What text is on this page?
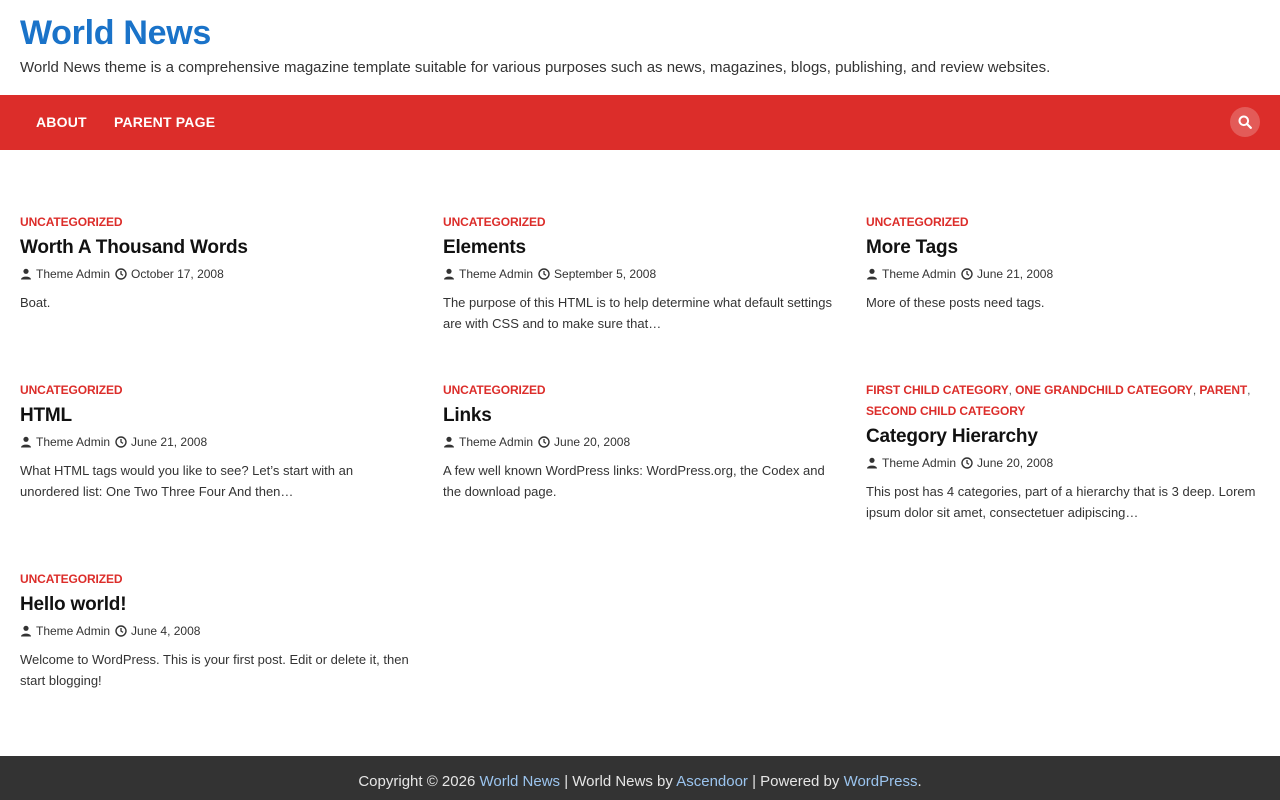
World News

World News theme is a comprehensive magazine template suitable for various purposes such as news, magazines, blogs, publishing, and review websites.

ABOUT PARENT PAGE
UNCATEGORIZED
Worth A Thousand Words
Theme Admin October 17, 2008

Boat.

UNCATEGORIZED
Elements
Theme Admin September 5, 2008

The purpose of this HTML is to help determine what default settings are with CSS and to make sure that…

UNCATEGORIZED
More Tags
Theme Admin June 21, 2008

More of these posts need tags.

UNCATEGORIZED
HTML
Theme Admin June 21, 2008

What HTML tags would you like to see? Let’s start with an unordered list: One Two Three Four And then…

UNCATEGORIZED
Links
Theme Admin June 20, 2008

A few well known WordPress links: WordPress.org, the Codex and the download page.

FIRST CHILD CATEGORY, ONE GRANDCHILD CATEGORY, PARENT, SECOND CHILD CATEGORY
Category Hierarchy
Theme Admin June 20, 2008

This post has 4 categories, part of a hierarchy that is 3 deep. Lorem ipsum dolor sit amet, consectetuer adipiscing…

UNCATEGORIZED
Hello world!
Theme Admin June 4, 2008

Welcome to WordPress. This is your first post. Edit or delete it, then start blogging!

Copyright © 2026 World News | World News by Ascendoor | Powered by WordPress.
